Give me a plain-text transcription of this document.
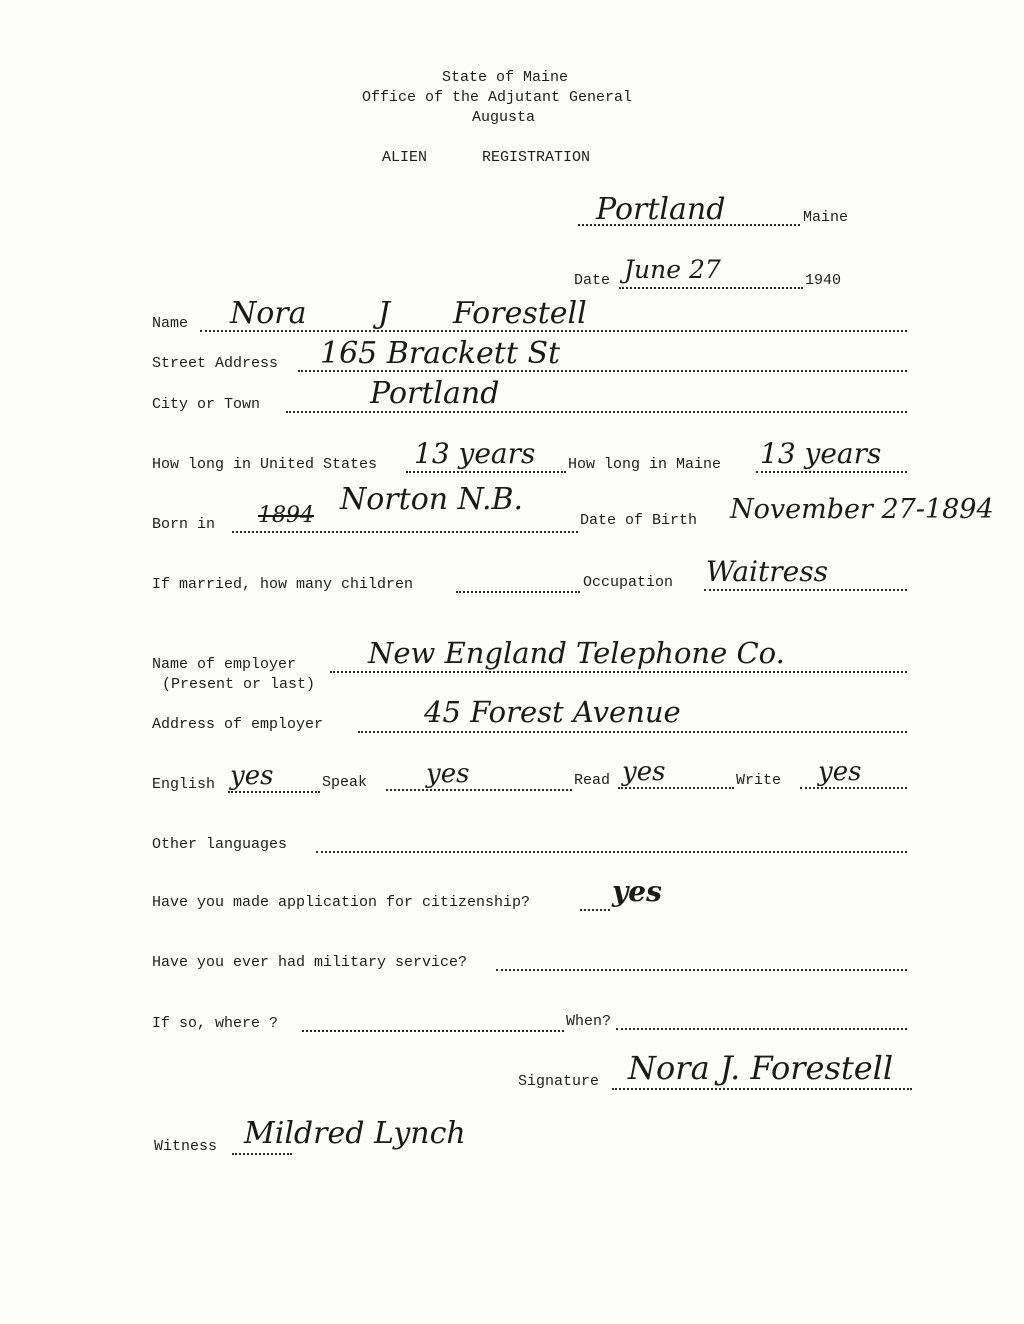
State of Maine
Office of the Adjutant General
Augusta
ALIEN	REGISTRATION
Portland	Maine
Date June 27	1940
Name Nora J Forestell
Street Address 165 Brackett St
City or Town	Portland
How long in United States 13 years How long in Maine 13 years
Born in 1894 Norton N.B.
Date of Birth November 27-1894
If married, how many children	Occupation Waitress
Name of employer
(Present or last)
New England Telephone Co.
Address of employer	45 Forest Avenue
English yes	Speak yes	Read yes	Write yes
Other languages
Have you made application for citizenship?	yes
Have you ever had military service?
If so, where ?	When?
Signature Nora J. Forestell
Witness Mildred Lynch
